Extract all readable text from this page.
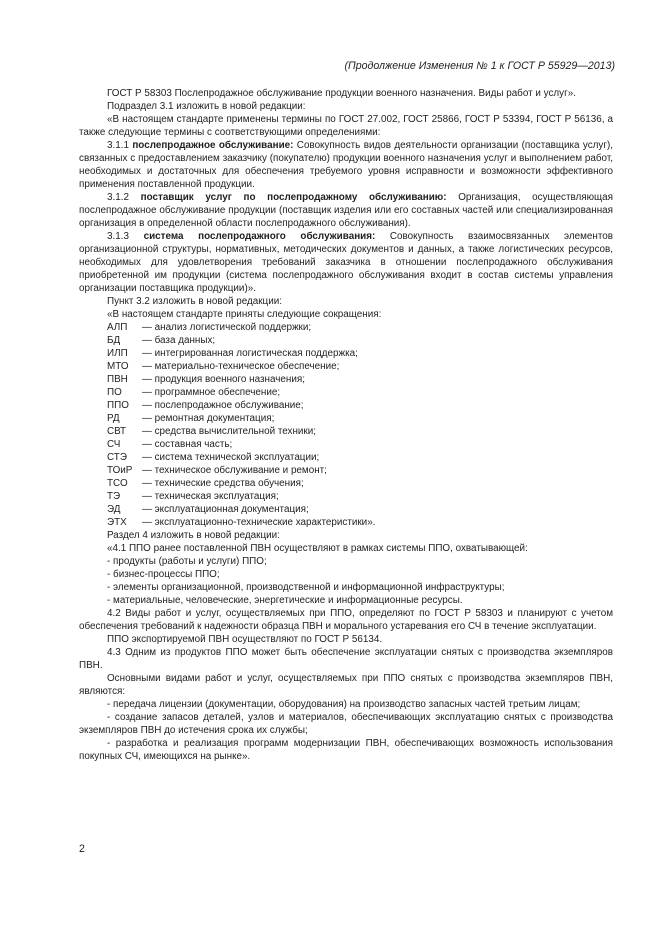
(Продолжение Изменения № 1 к ГОСТ Р 55929—2013)

ГОСТ Р 58303 Послепродажное обслуживание продукции военного назначения. Виды работ и услуг».

Подраздел 3.1 изложить в новой редакции:

«В настоящем стандарте применены термины по ГОСТ 27.002, ГОСТ 25866, ГОСТ Р 53394, ГОСТ Р 56136, а также следующие термины с соответствующими определениями:

3.1.1 послепродажное обслуживание: Совокупность видов деятельности организации (поставщика услуг), связанных с предоставлением заказчику (покупателю) продукции военного назначения услуг и выполнением работ, необходимых и достаточных для обеспечения требуемого уровня исправности и возможности эффективного применения поставленной продукции.

3.1.2 поставщик услуг по послепродажному обслуживанию: Организация, осуществляющая послепродажное обслуживание продукции (поставщик изделия или его составных частей или специализированная организация в определенной области послепродажного обслуживания).

3.1.3 система послепродажного обслуживания: Совокупность взаимосвязанных элементов организационной структуры, нормативных, методических документов и данных, а также логистических ресурсов, необходимых для удовлетворения требований заказчика в отношении послепродажного обслуживания приобретенной им продукции (система послепродажного обслуживания входит в состав системы управления организации поставщика продукции)».

Пункт 3.2 изложить в новой редакции:

«В настоящем стандарте приняты следующие сокращения:

АЛП	— анализ логистической поддержки;
БД	— база данных;
ИЛП	— интегрированная логистическая поддержка;
МТО	— материально-техническое обеспечение;
ПВН	— продукция военного назначения;
ПО	— программное обеспечение;
ППО	— послепродажное обслуживание;
РД	— ремонтная документация;
СВТ	— средства вычислительной техники;
СЧ	— составная часть;
СТЭ	— система технической эксплуатации;
ТОиР — техническое обслуживание и ремонт;
ТСО	— технические средства обучения;
ТЭ	— техническая эксплуатация;
ЭД	— эксплуатационная документация;
ЭТХ	— эксплуатационно-технические характеристики».

Раздел 4 изложить в новой редакции:

«4.1 ППО ранее поставленной ПВН осуществляют в рамках системы ППО, охватывающей:

- продукты (работы и услуги) ППО;

- бизнес-процессы ППО;

- элементы организационной, производственной и информационной инфраструктуры;

- материальные, человеческие, энергетические и информационные ресурсы.

4.2 Виды работ и услуг, осуществляемых при ППО, определяют по ГОСТ Р 58303 и планируют с учетом обеспечения требований к надежности образца ПВН и морального устаревания его СЧ в течение эксплуатации.

ППО экспортируемой ПВН осуществляют по ГОСТ Р 56134.

4.3 Одним из продуктов ППО может быть обеспечение эксплуатации снятых с производства экземпляров ПВН.

Основными видами работ и услуг, осуществляемых при ППО снятых с производства экземпляров ПВН, являются:

- передача лицензии (документации, оборудования) на производство запасных частей третьим лицам;

- создание запасов деталей, узлов и материалов, обеспечивающих эксплуатацию снятых с производства экземпляров ПВН до истечения срока их службы;

- разработка и реализация программ модернизации ПВН, обеспечивающих возможность использования покупных СЧ, имеющихся на рынке».

2
